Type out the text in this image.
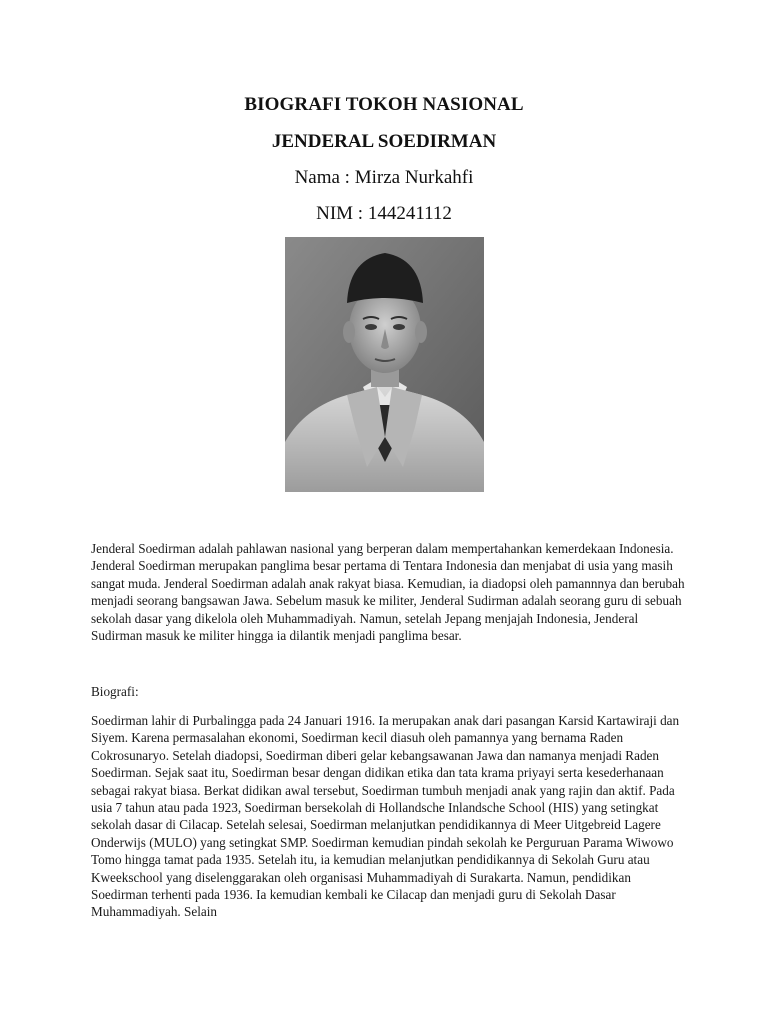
BIOGRAFI TOKOH NASIONAL
JENDERAL SOEDIRMAN
Nama : Mirza Nurkahfi
NIM : 144241112

Jenderal Soedirman adalah pahlawan nasional yang berperan dalam mempertahankan kemerdekaan Indonesia. Jenderal Soedirman merupakan panglima besar pertama di Tentara Indonesia dan menjabat di usia yang masih sangat muda. Jenderal Soedirman adalah anak rakyat biasa. Kemudian, ia diadopsi oleh pamannnya dan berubah menjadi seorang bangsawan Jawa. Sebelum masuk ke militer, Jenderal Sudirman adalah seorang guru di sebuah sekolah dasar yang dikelola oleh Muhammadiyah. Namun, setelah Jepang menjajah Indonesia, Jenderal Sudirman masuk ke militer hingga ia dilantik menjadi panglima besar.

Biografi:

Soedirman lahir di Purbalingga pada 24 Januari 1916. Ia merupakan anak dari pasangan Karsid Kartawiraji dan Siyem. Karena permasalahan ekonomi, Soedirman kecil diasuh oleh pamannya yang bernama Raden Cokrosunaryo. Setelah diadopsi, Soedirman diberi gelar kebangsawanan Jawa dan namanya menjadi Raden Soedirman. Sejak saat itu, Soedirman besar dengan didikan etika dan tata krama priyayi serta kesederhanaan sebagai rakyat biasa. Berkat didikan awal tersebut, Soedirman tumbuh menjadi anak yang rajin dan aktif. Pada usia 7 tahun atau pada 1923, Soedirman bersekolah di Hollandsche Inlandsche School (HIS) yang setingkat sekolah dasar di Cilacap. Setelah selesai, Soedirman melanjutkan pendidikannya di Meer Uitgebreid Lagere Onderwijs (MULO) yang setingkat SMP. Soedirman kemudian pindah sekolah ke Perguruan Parama Wiwowo Tomo hingga tamat pada 1935. Setelah itu, ia kemudian melanjutkan pendidikannya di Sekolah Guru atau Kweekschool yang diselenggarakan oleh organisasi Muhammadiyah di Surakarta. Namun, pendidikan Soedirman terhenti pada 1936. Ia kemudian kembali ke Cilacap dan menjadi guru di Sekolah Dasar Muhammadiyah. Selain
